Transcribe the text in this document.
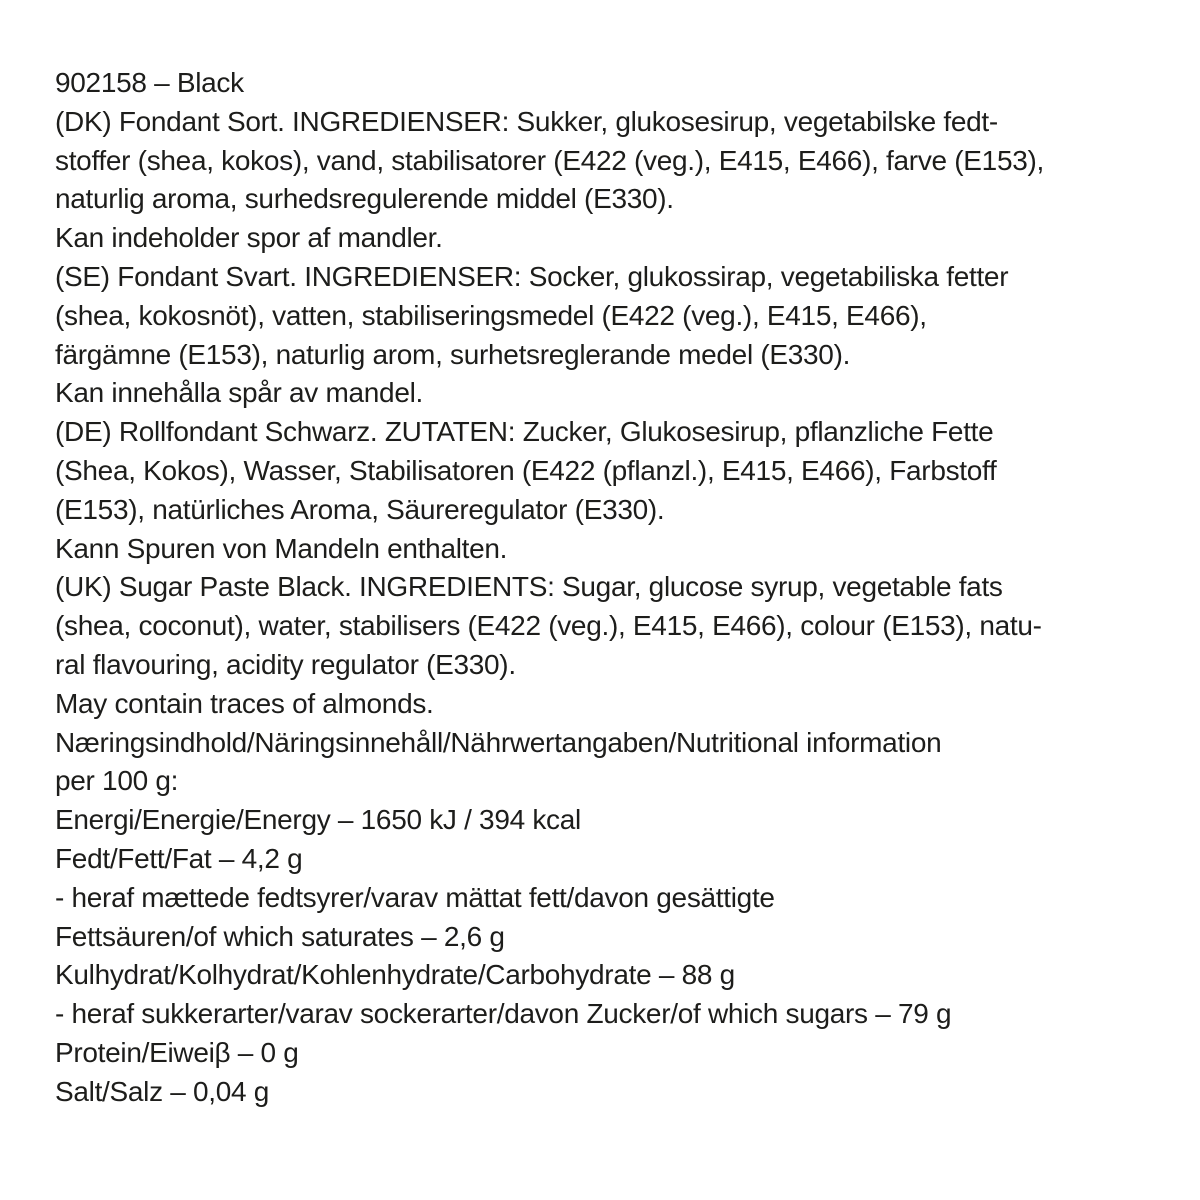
902158 – Black
(DK) Fondant Sort. INGREDIENSER: Sukker, glukosesirup, vegetabilske fedt-
stoffer (shea, kokos), vand, stabilisatorer (E422 (veg.), E415, E466), farve (E153),
naturlig aroma, surhedsregulerende middel (E330).
Kan indeholder spor af mandler.
(SE) Fondant Svart. INGREDIENSER: Socker, glukossirap, vegetabiliska fetter
(shea, kokosnöt), vatten, stabiliseringsmedel (E422 (veg.), E415, E466),
färgämne (E153), naturlig arom, surhetsreglerande medel (E330).
Kan innehålla spår av mandel.
(DE) Rollfondant Schwarz. ZUTATEN: Zucker, Glukosesirup, pflanzliche Fette
(Shea, Kokos), Wasser, Stabilisatoren (E422 (pflanzl.), E415, E466), Farbstoff
(E153), natürliches Aroma, Säureregulator (E330).
Kann Spuren von Mandeln enthalten.
(UK) Sugar Paste Black. INGREDIENTS: Sugar, glucose syrup, vegetable fats
(shea, coconut), water, stabilisers (E422 (veg.), E415, E466), colour (E153), natu-
ral flavouring, acidity regulator (E330).
May contain traces of almonds.
Næringsindhold/Näringsinnehåll/Nährwertangaben/Nutritional information
per 100 g:
Energi/Energie/Energy – 1650 kJ / 394 kcal
Fedt/Fett/Fat – 4,2 g
- heraf mættede fedtsyrer/varav mättat fett/davon gesättigte
Fettsäuren/of which saturates – 2,6 g
Kulhydrat/Kolhydrat/Kohlenhydrate/Carbohydrate – 88 g
- heraf sukkerarter/varav sockerarter/davon Zucker/of which sugars – 79 g
Protein/Eiweiβ – 0 g
Salt/Salz – 0,04 g
